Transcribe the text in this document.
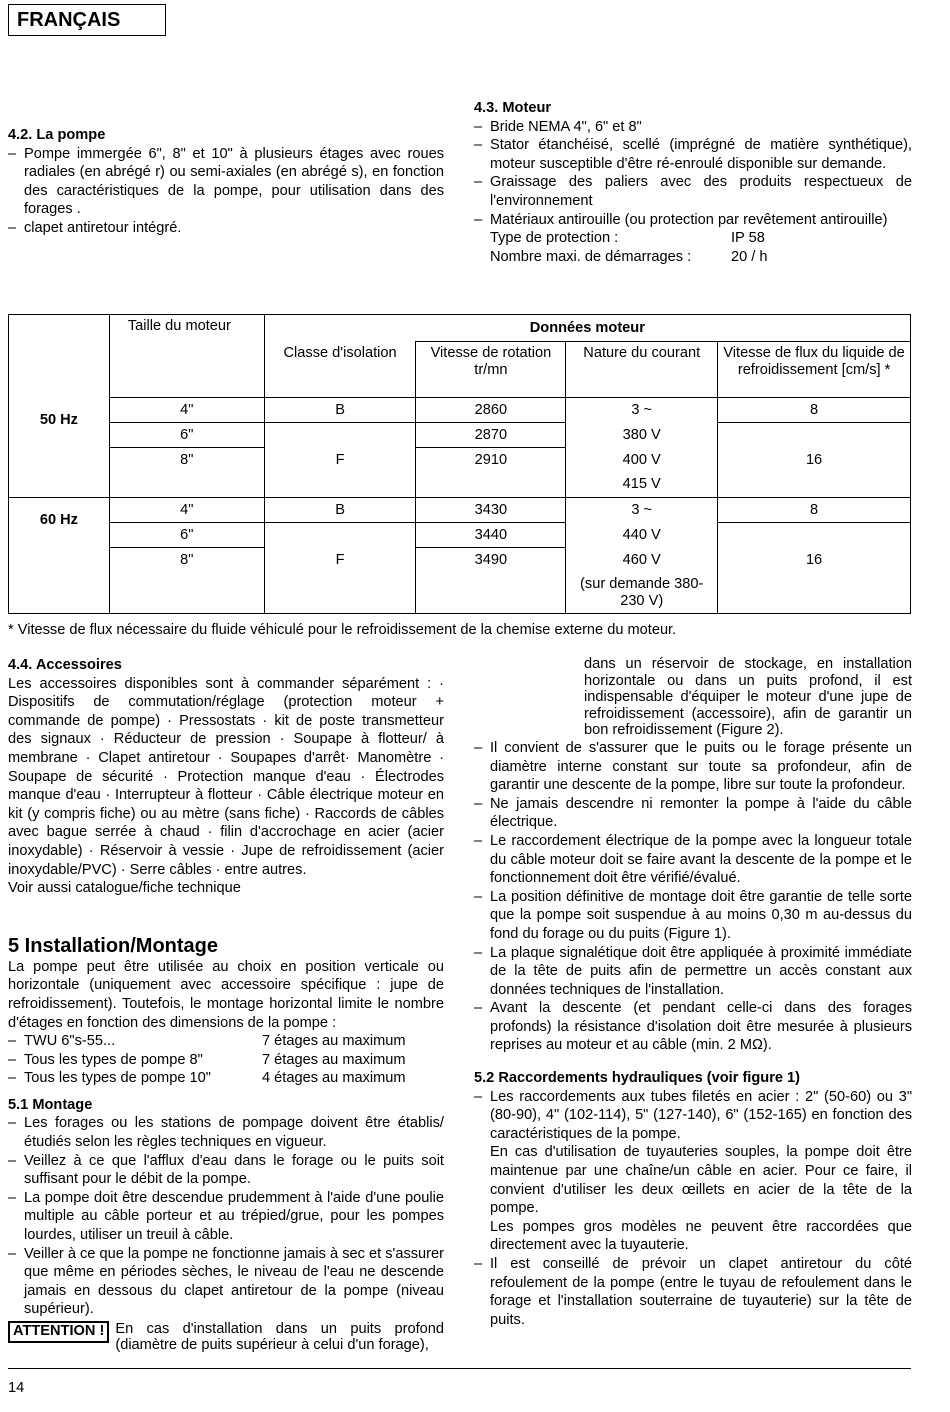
FRANÇAIS

4.2. La pompe

– Pompe immergée 6", 8" et 10" à plusieurs étages avec roues radiales (en abrégé r) ou semi-axiales (en abrégé s), en fonction des caractéristiques de la pompe, pour utilisation dans des forages .
– clapet antiretour intégré.

4.3. Moteur

– Bride NEMA 4", 6" et 8"
– Stator étanchéisé, scellé (imprégné de matière synthétique), moteur susceptible d'être ré-enroulé disponible sur demande.
– Graissage des paliers avec des produits respectueux de l'environnement
– Matériaux antirouille (ou protection par revêtement antirouille)
Type de protection :	IP 58
Nombre maxi. de démarrages :	20 / h
	Taille du moteur	Données moteur			
		Classe d'isolation	Vitesse de rotation tr/mn	Nature du courant	Vitesse de flux du liquide de refroidissement [cm/s] *
50 Hz	4"	B	2860	3 ~	8
	6"		2870	380 V	
	8"	F	2910	400 V	16
				415 V	
60 Hz	4"	B	3430	3 ~	8
	6"		3440	440 V	
	8"	F	3490	460 V	16
				(sur demande 380-230 V)	
* Vitesse de flux nécessaire du fluide véhiculé pour le refroidissement de la chemise externe du moteur.

4.4. Accessoires

Les accessoires disponibles sont à commander séparément : · Dispositifs de commutation/réglage (protection moteur + commande de pompe) · Pressostats · kit de poste transmetteur des signaux · Réducteur de pression · Soupape à flotteur/ à membrane · Clapet antiretour · Soupapes d'arrêt· Manomètre · Soupape de sécurité · Protection manque d'eau · Électrodes manque d'eau · Interrupteur à flotteur · Câble électrique moteur en kit (y compris fiche) ou au mètre (sans fiche) · Raccords de câbles avec bague serrée à chaud · filin d'accrochage en acier (acier inoxydable) · Réservoir à vessie · Jupe de refroidissement (acier inoxydable/PVC) · Serre câbles · entre autres.

Voir aussi catalogue/fiche technique

5 Installation/Montage

La pompe peut être utilisée au choix en position verticale ou horizontale (uniquement avec accessoire spécifique : jupe de refroidissement). Toutefois, le montage horizontal limite le nombre d'étages en fonction des dimensions de la pompe :

– TWU 6"s-55...	7 étages au maximum
– Tous les types de pompe 8"	7 étages au maximum
– Tous les types de pompe 10"	4 étages au maximum

5.1 Montage

– Les forages ou les stations de pompage doivent être établis/étudiés selon les règles techniques en vigueur.
– Veillez à ce que l'afflux d'eau dans le forage ou le puits soit suffisant pour le débit de la pompe.
– La pompe doit être descendue prudemment à l'aide d'une poulie multiple au câble porteur et au trépied/grue, pour les pompes lourdes, utiliser un treuil à câble.
– Veiller à ce que la pompe ne fonctionne jamais à sec et s'assurer que même en périodes sèches, le niveau de l'eau ne descende jamais en dessous du clapet antiretour de la pompe (niveau supérieur).
ATTENTION ! En cas d'installation dans un puits profond (diamètre de puits supérieur à celui d'un forage),

dans un réservoir de stockage, en installation horizontale ou dans un puits profond, il est indispensable d'équiper le moteur d'une jupe de refroidissement (accessoire), afin de garantir un bon refroidissement (Figure 2).

– Il convient de s'assurer que le puits ou le forage présente un diamètre interne constant sur toute sa profondeur, afin de garantir une descente de la pompe, libre sur toute la profondeur.
– Ne jamais descendre ni remonter la pompe à l'aide du câble électrique.
– Le raccordement électrique de la pompe avec la longueur totale du câble moteur doit se faire avant la descente de la pompe et le fonctionnement doit être vérifié/évalué.
– La position définitive de montage doit être garantie de telle sorte que la pompe soit suspendue à au moins 0,30 m au-dessus du fond du forage ou du puits (Figure 1).
– La plaque signalétique doit être appliquée à proximité immédiate de la tête de puits afin de permettre un accès constant aux données techniques de l'installation.
– Avant la descente (et pendant celle-ci dans des forages profonds) la résistance d'isolation doit être mesurée à plusieurs reprises au moteur et au câble (min. 2 MΩ).

5.2 Raccordements hydrauliques (voir figure 1)

– Les raccordements aux tubes filetés en acier : 2" (50-60) ou 3" (80-90), 4" (102-114), 5" (127-140), 6" (152-165) en fonction des caractéristiques de la pompe.

En cas d'utilisation de tuyauteries souples, la pompe doit être maintenue par une chaîne/un câble en acier. Pour ce faire, il convient d'utiliser les deux œillets en acier de la tête de la pompe.

Les pompes gros modèles ne peuvent être raccordées que directement avec la tuyauterie.

– Il est conseillé de prévoir un clapet antiretour du côté refoulement de la pompe (entre le tuyau de refoulement dans le forage et l'installation souterraine de tuyauterie) sur la tête de puits.
14
